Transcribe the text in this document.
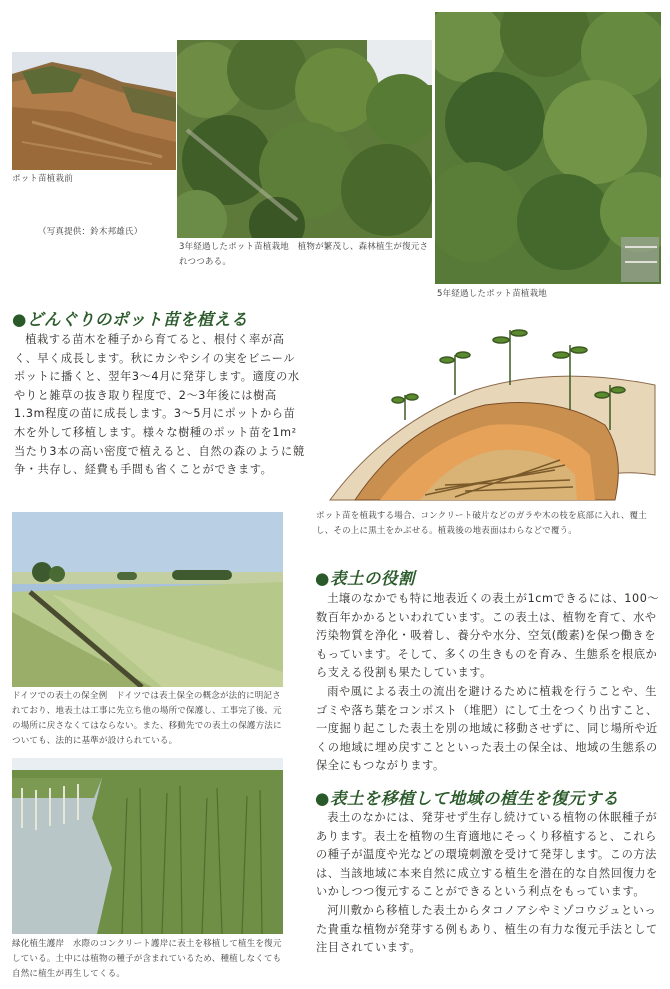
ポット苗植栽前
（写真提供：鈴木邦雄氏）
3年経過したポット苗植栽地　植物が繁茂し、森林植生が復元されつつある。
5年経過したポット苗植栽地
●どんぐりのポット苗を植える

植栽する苗木を種子から育てると、根付く率が高く、早く成長します。秋にカシやシイの実をビニールポットに播くと、翌年3〜4月に発芽します。適度の水やりと雑草の抜き取り程度で、2〜3年後には樹高1.3m程度の苗に成長します。3〜5月にポットから苗木を外して移植します。様々な樹種のポット苗を1m²当たり3本の高い密度で植えると、自然の森のように競争・共存し、経費も手間も省くことができます。

ポット苗を植栽する場合、コンクリート破片などのガラや木の枝を底部に入れ、覆土し、その上に黒土をかぶせる。植栽後の地表面はわらなどで覆う。
ドイツでの表土の保全例　ドイツでは表土保全の概念が法的に明記されており、地表土は工事に先立ち他の場所で保護し、工事完了後、元の場所に戻さなくてはならない。また、移動先での表土の保護方法についても、法的に基準が設けられている。
緑化植生護岸　水際のコンクリート護岸に表土を移植して植生を復元している。土中には植物の種子が含まれているため、種植しなくても自然に植生が再生してくる。
●表土の役割

土壌のなかでも特に地表近くの表土が1cmできるには、100〜数百年かかるといわれています。この表土は、植物を育て、水や汚染物質を浄化・吸着し、養分や水分、空気(酸素)を保つ働きをもっています。そして、多くの生きものを育み、生態系を根底から支える役割も果たしています。

雨や風による表土の流出を避けるために植栽を行うことや、生ゴミや落ち葉をコンポスト（堆肥）にして土をつくり出すこと、一度掘り起こした表土を別の地域に移動させずに、同じ場所や近くの地域に埋め戻すことといった表土の保全は、地域の生態系の保全にもつながります。

●表土を移植して地域の植生を復元する

表土のなかには、発芽せず生存し続けている植物の休眠種子があります。表土を植物の生育適地にそっくり移植すると、これらの種子が温度や光などの環境刺激を受けて発芽します。この方法は、当該地域に本来自然に成立する植生を潜在的な自然回復力をいかしつつ復元することができるという利点をもっています。

河川敷から移植した表土からタコノアシやミゾコウジュといった貴重な植物が発芽する例もあり、植生の有力な復元手法として注目されています。
